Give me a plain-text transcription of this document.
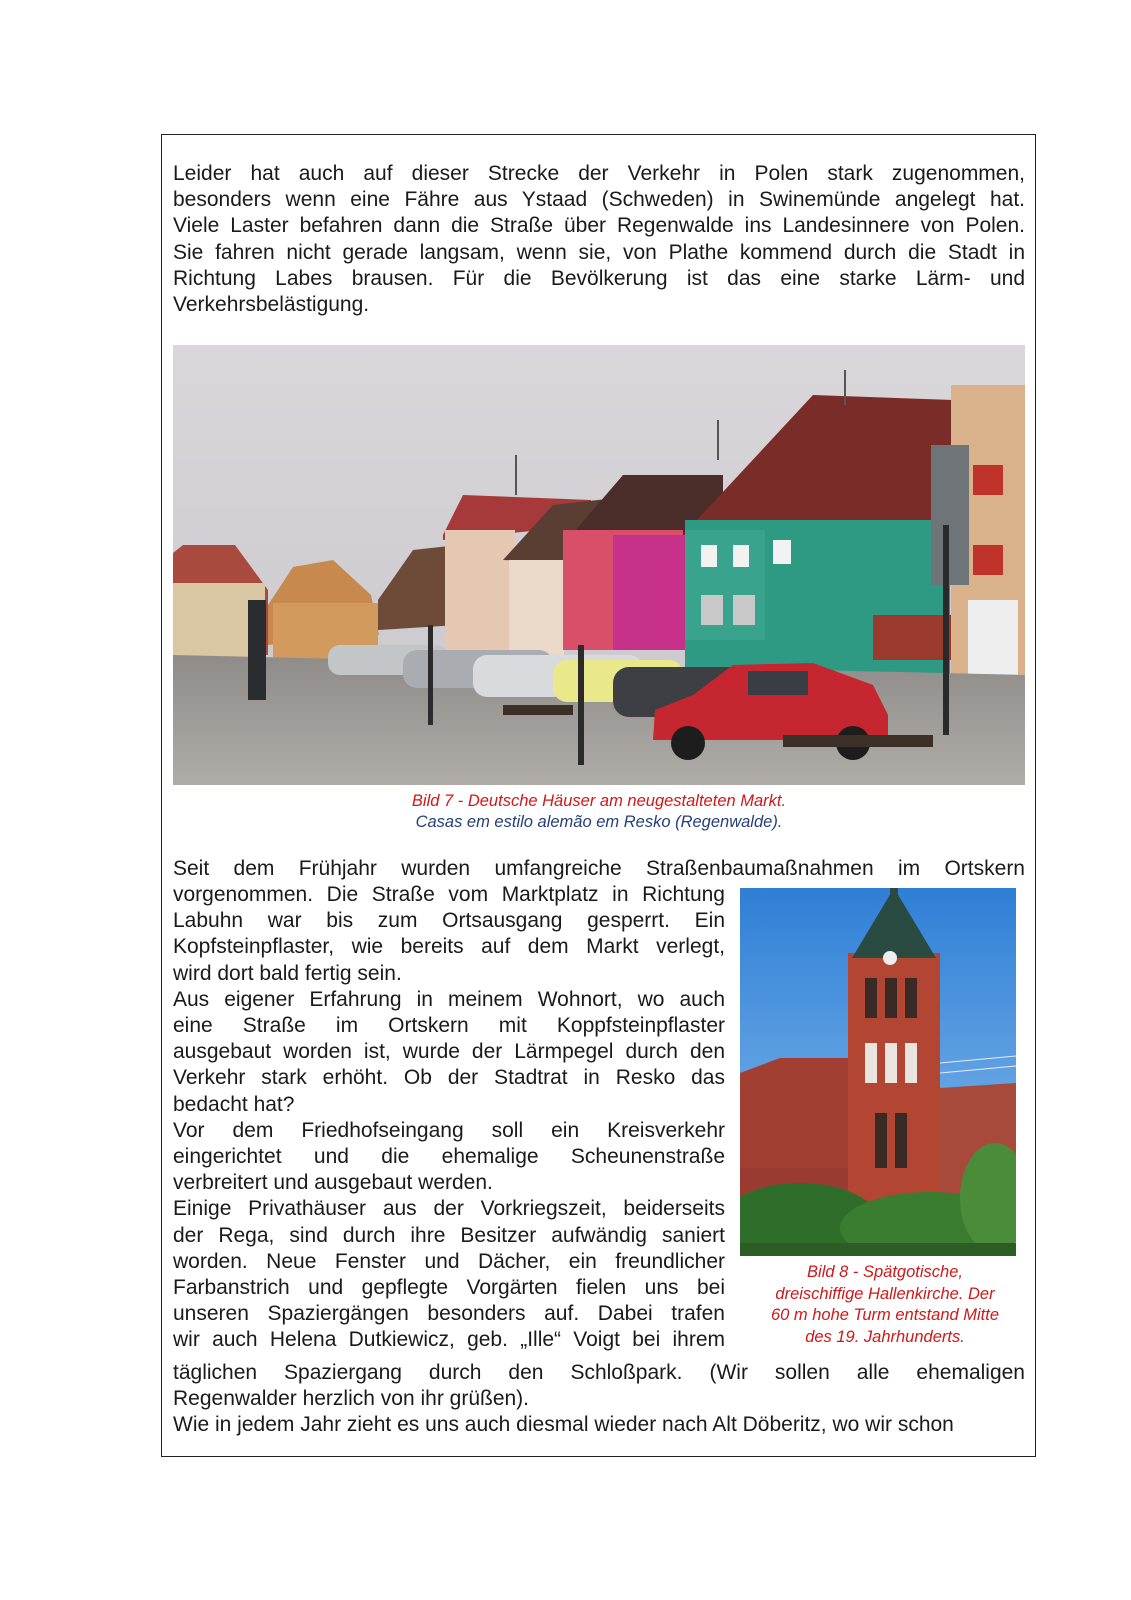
Leider hat auch auf dieser Strecke der Verkehr in Polen stark zugenommen,
besonders wenn eine Fähre aus Ystaad (Schweden) in Swinemünde angelegt hat.
Viele Laster befahren dann die Straße über Regenwalde ins Landesinnere von Polen.
Sie fahren nicht gerade langsam, wenn sie, von Plathe kommend durch die Stadt in
Richtung Labes brausen. Für die Bevölkerung ist das eine starke Lärm- und
Verkehrsbelästigung.
Bild 7 - Deutsche Häuser am neugestalteten Markt.
Casas em estilo alemão em Resko (Regenwalde).
Seit dem Frühjahr wurden umfangreiche Straßenbaumaßnahmen im Ortskern
vorgenommen. Die Straße vom Marktplatz in Richtung
Labuhn war bis zum Ortsausgang gesperrt. Ein
Kopfsteinpflaster, wie bereits auf dem Markt verlegt,
wird dort bald fertig sein.
Aus eigener Erfahrung in meinem Wohnort, wo auch
eine Straße im Ortskern mit Koppfsteinpflaster
ausgebaut worden ist, wurde der Lärmpegel durch den
Verkehr stark erhöht. Ob der Stadtrat in Resko das
bedacht hat?
Vor dem Friedhofseingang soll ein Kreisverkehr
eingerichtet und die ehemalige Scheunenstraße
verbreitert und ausgebaut werden.
Einige Privathäuser aus der Vorkriegszeit, beiderseits
der Rega, sind durch ihre Besitzer aufwändig saniert
worden. Neue Fenster und Dächer, ein freundlicher
Farbanstrich und gepflegte Vorgärten fielen uns bei
unseren Spaziergängen besonders auf. Dabei trafen
wir auch Helena Dutkiewicz, geb. „Ille“ Voigt bei ihrem
Bild 8 - Spätgotische,
dreischiffige Hallenkirche. Der
60 m hohe Turm entstand Mitte
des 19. Jahrhunderts.
täglichen Spaziergang durch den Schloßpark. (Wir sollen alle ehemaligen
Regenwalder herzlich von ihr grüßen).
Wie in jedem Jahr zieht es uns auch diesmal wieder nach Alt Döberitz, wo wir schon
